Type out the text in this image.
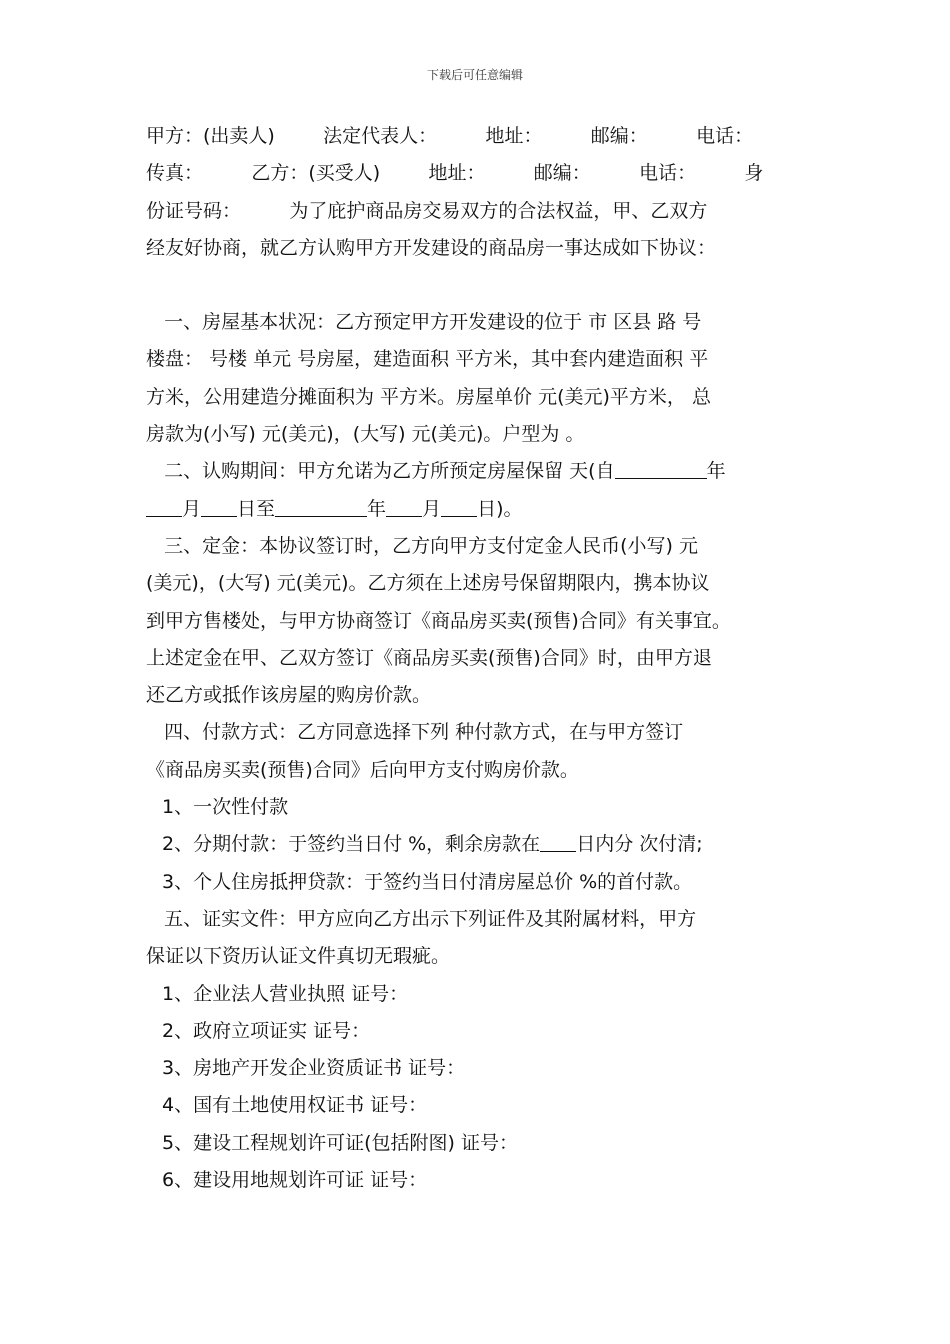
下载后可任意编辑
甲方：(出卖人)        法定代表人：        地址：        邮编：        电话：
传真：        乙方：(买受人)        地址：        邮编：        电话：        身
份证号码：        为了庇护商品房交易双方的合法权益，甲、乙双方
经友好协商，就乙方认购甲方开发建设的商品房一事达成如下协议：
一、房屋基本状况：乙方预定甲方开发建设的位于 市 区县 路 号
楼盘： 号楼 单元 号房屋，建造面积 平方米，其中套内建造面积 平
方米，公用建造分摊面积为 平方米。房屋单价 元(美元)平方米， 总
房款为(小写) 元(美元)，(大写) 元(美元)。户型为 。
二、认购期间：甲方允诺为乙方所预定房屋保留 天(自	年
月 日至	年 月 日)。
三、定金：本协议签订时，乙方向甲方支付定金人民币(小写) 元
(美元)，(大写) 元(美元)。乙方须在上述房号保留期限内，携本协议
到甲方售楼处，与甲方协商签订《商品房买卖(预售)合同》有关事宜。
上述定金在甲、乙双方签订《商品房买卖(预售)合同》时，由甲方退
还乙方或抵作该房屋的购房价款。
四、付款方式：乙方同意选择下列 种付款方式，在与甲方签订
《商品房买卖(预售)合同》后向甲方支付购房价款。
1、一次性付款
2、分期付款：于签约当日付 %，剩余房款在 日内分 次付清;
3、个人住房抵押贷款：于签约当日付清房屋总价 %的首付款。
五、证实文件：甲方应向乙方出示下列证件及其附属材料，甲方
保证以下资历认证文件真切无瑕疵。
1、企业法人营业执照 证号：
2、政府立项证实 证号：
3、房地产开发企业资质证书 证号：
4、国有土地使用权证书 证号：
5、建设工程规划许可证(包括附图) 证号：
6、建设用地规划许可证 证号：
